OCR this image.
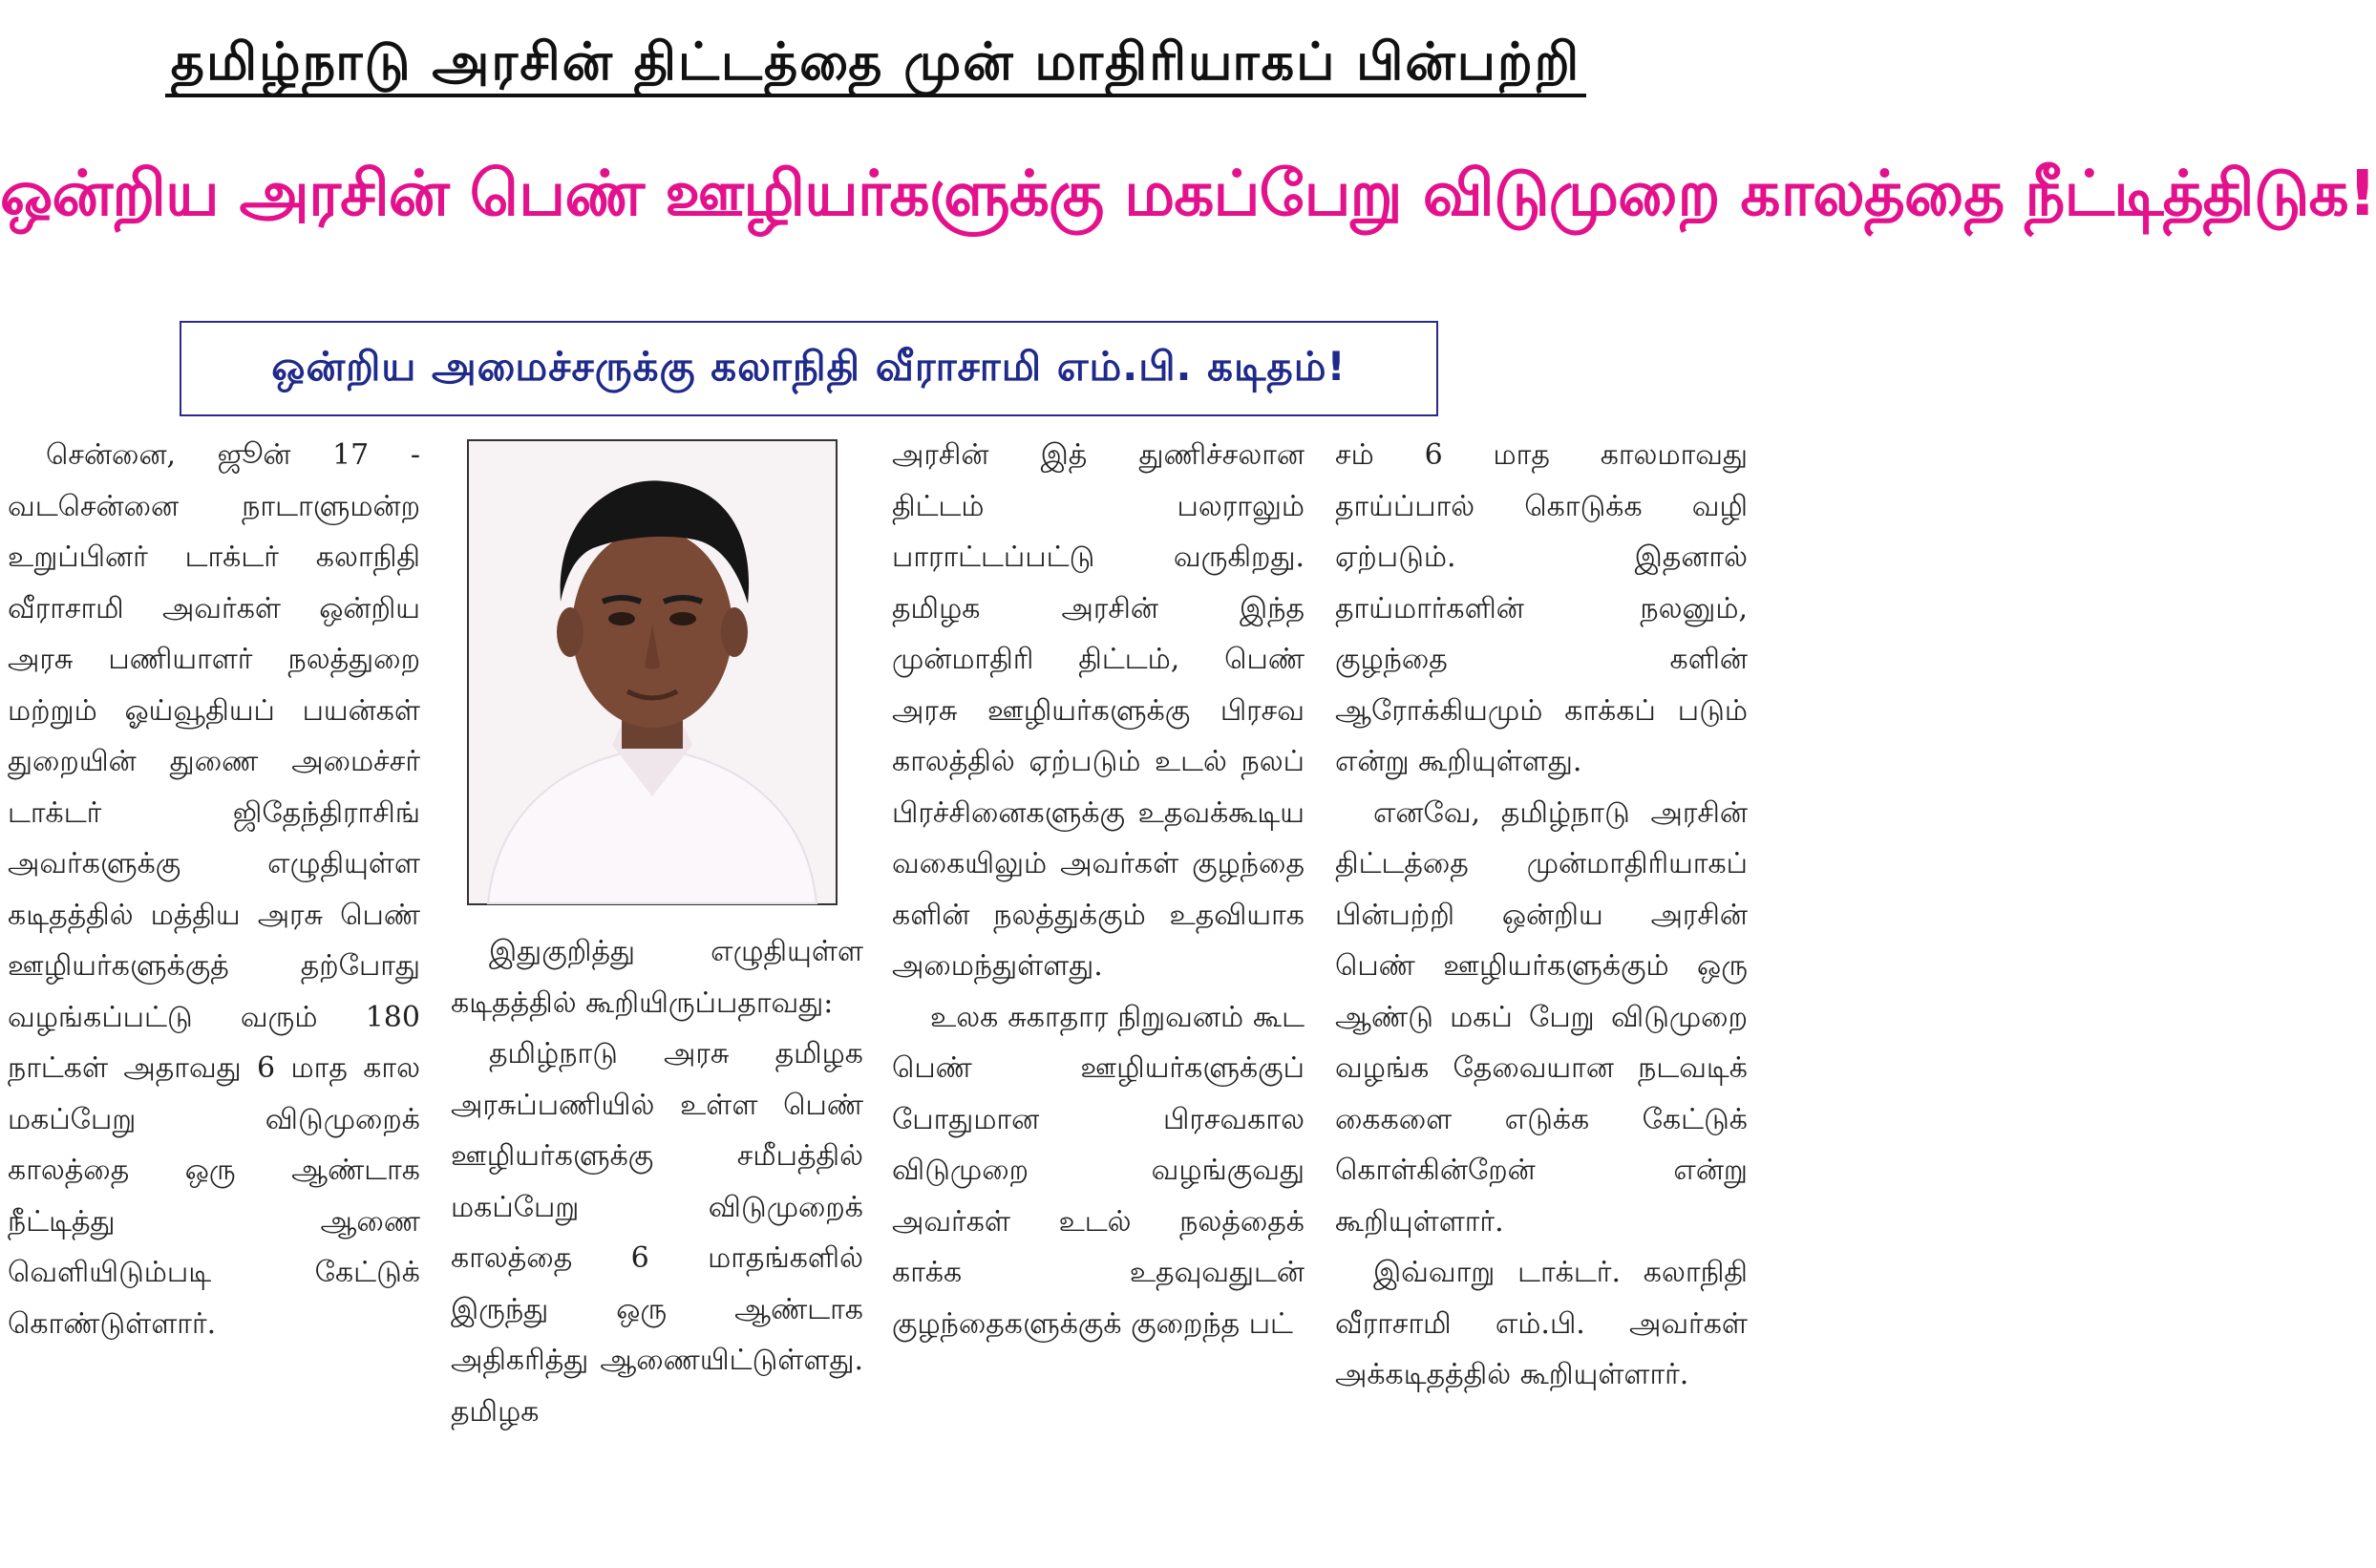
தமிழ்நாடு அரசின் திட்டத்தை முன் மாதிரியாகப் பின்பற்றி
ஒன்றிய அரசின் பெண் ஊழியர்களுக்கு மகப்பேறு விடுமுறை காலத்தை நீட்டித்திடுக!
ஒன்றிய அமைச்சருக்கு கலாநிதி வீராசாமி எம்.பி. கடிதம்!

சென்னை, ஜூன் 17 - வடசென்னை நாடாளுமன்ற உறுப்பினர் டாக்டர் கலாநிதி வீராசாமி அவர்கள் ஒன்றிய அரசு பணியாளர் நலத்துறை மற்றும் ஓய்வூதியப் பயன்கள் துறையின் துணை அமைச்சர் டாக்டர் ஜிதேந்திராசிங் அவர்களுக்கு எழுதியுள்ள கடிதத்தில் மத்திய அரசு பெண் ஊழியர்களுக்குத் தற்போது வழங்கப்பட்டு வரும் 180 நாட்கள் அதாவது 6 மாத கால மகப்பேறு விடுமுறைக் காலத்தை ஒரு ஆண்டாக நீட்டித்து ஆணை வெளியிடும்படி கேட்டுக் கொண்டுள்ளார்.

இதுகுறித்து எழுதியுள்ள கடிதத்தில் கூறியிருப்பதாவது:

தமிழ்நாடு அரசு தமிழக அரசுப்பணியில் உள்ள பெண் ஊழியர்களுக்கு சமீபத்தில் மகப்பேறு விடுமுறைக் காலத்தை 6 மாதங்களில் இருந்து ஒரு ஆண்டாக அதிகரித்து ஆணையிட்டுள்ளது. தமிழக

அரசின் இத் துணிச்சலான திட்டம் பலராலும் பாராட்டப்பட்டு வருகிறது. தமிழக அரசின் இந்த முன்மாதிரி திட்டம், பெண் அரசு ஊழியர்களுக்கு பிரசவ காலத்தில் ஏற்படும் உடல் நலப் பிரச்சினைகளுக்கு உதவக்கூடிய வகையிலும் அவர்கள் குழந்தை களின் நலத்துக்கும் உதவியாக அமைந்துள்ளது.

உலக சுகாதார நிறுவனம் கூட பெண் ஊழியர்களுக்குப் போதுமான பிரசவகால விடுமுறை வழங்குவது அவர்கள் உடல் நலத்தைக் காக்க உதவுவதுடன் குழந்தைகளுக்குக் குறைந்த பட்

சம் 6 மாத காலமாவது தாய்ப்பால் கொடுக்க வழி ஏற்படும். இதனால் தாய்மார்களின் நலனும், குழந்தை களின் ஆரோக்கியமும் காக்கப் படும் என்று கூறியுள்ளது.

எனவே, தமிழ்நாடு அரசின் திட்டத்தை முன்மாதிரியாகப் பின்பற்றி ஒன்றிய அரசின் பெண் ஊழியர்களுக்கும் ஒரு ஆண்டு மகப் பேறு விடுமுறை வழங்க தேவையான நடவடிக் கைகளை எடுக்க கேட்டுக் கொள்கின்றேன் என்று கூறியுள்ளார்.

இவ்வாறு டாக்டர். கலாநிதி வீராசாமி எம்.பி. அவர்கள் அக்கடிதத்தில் கூறியுள்ளார்.
